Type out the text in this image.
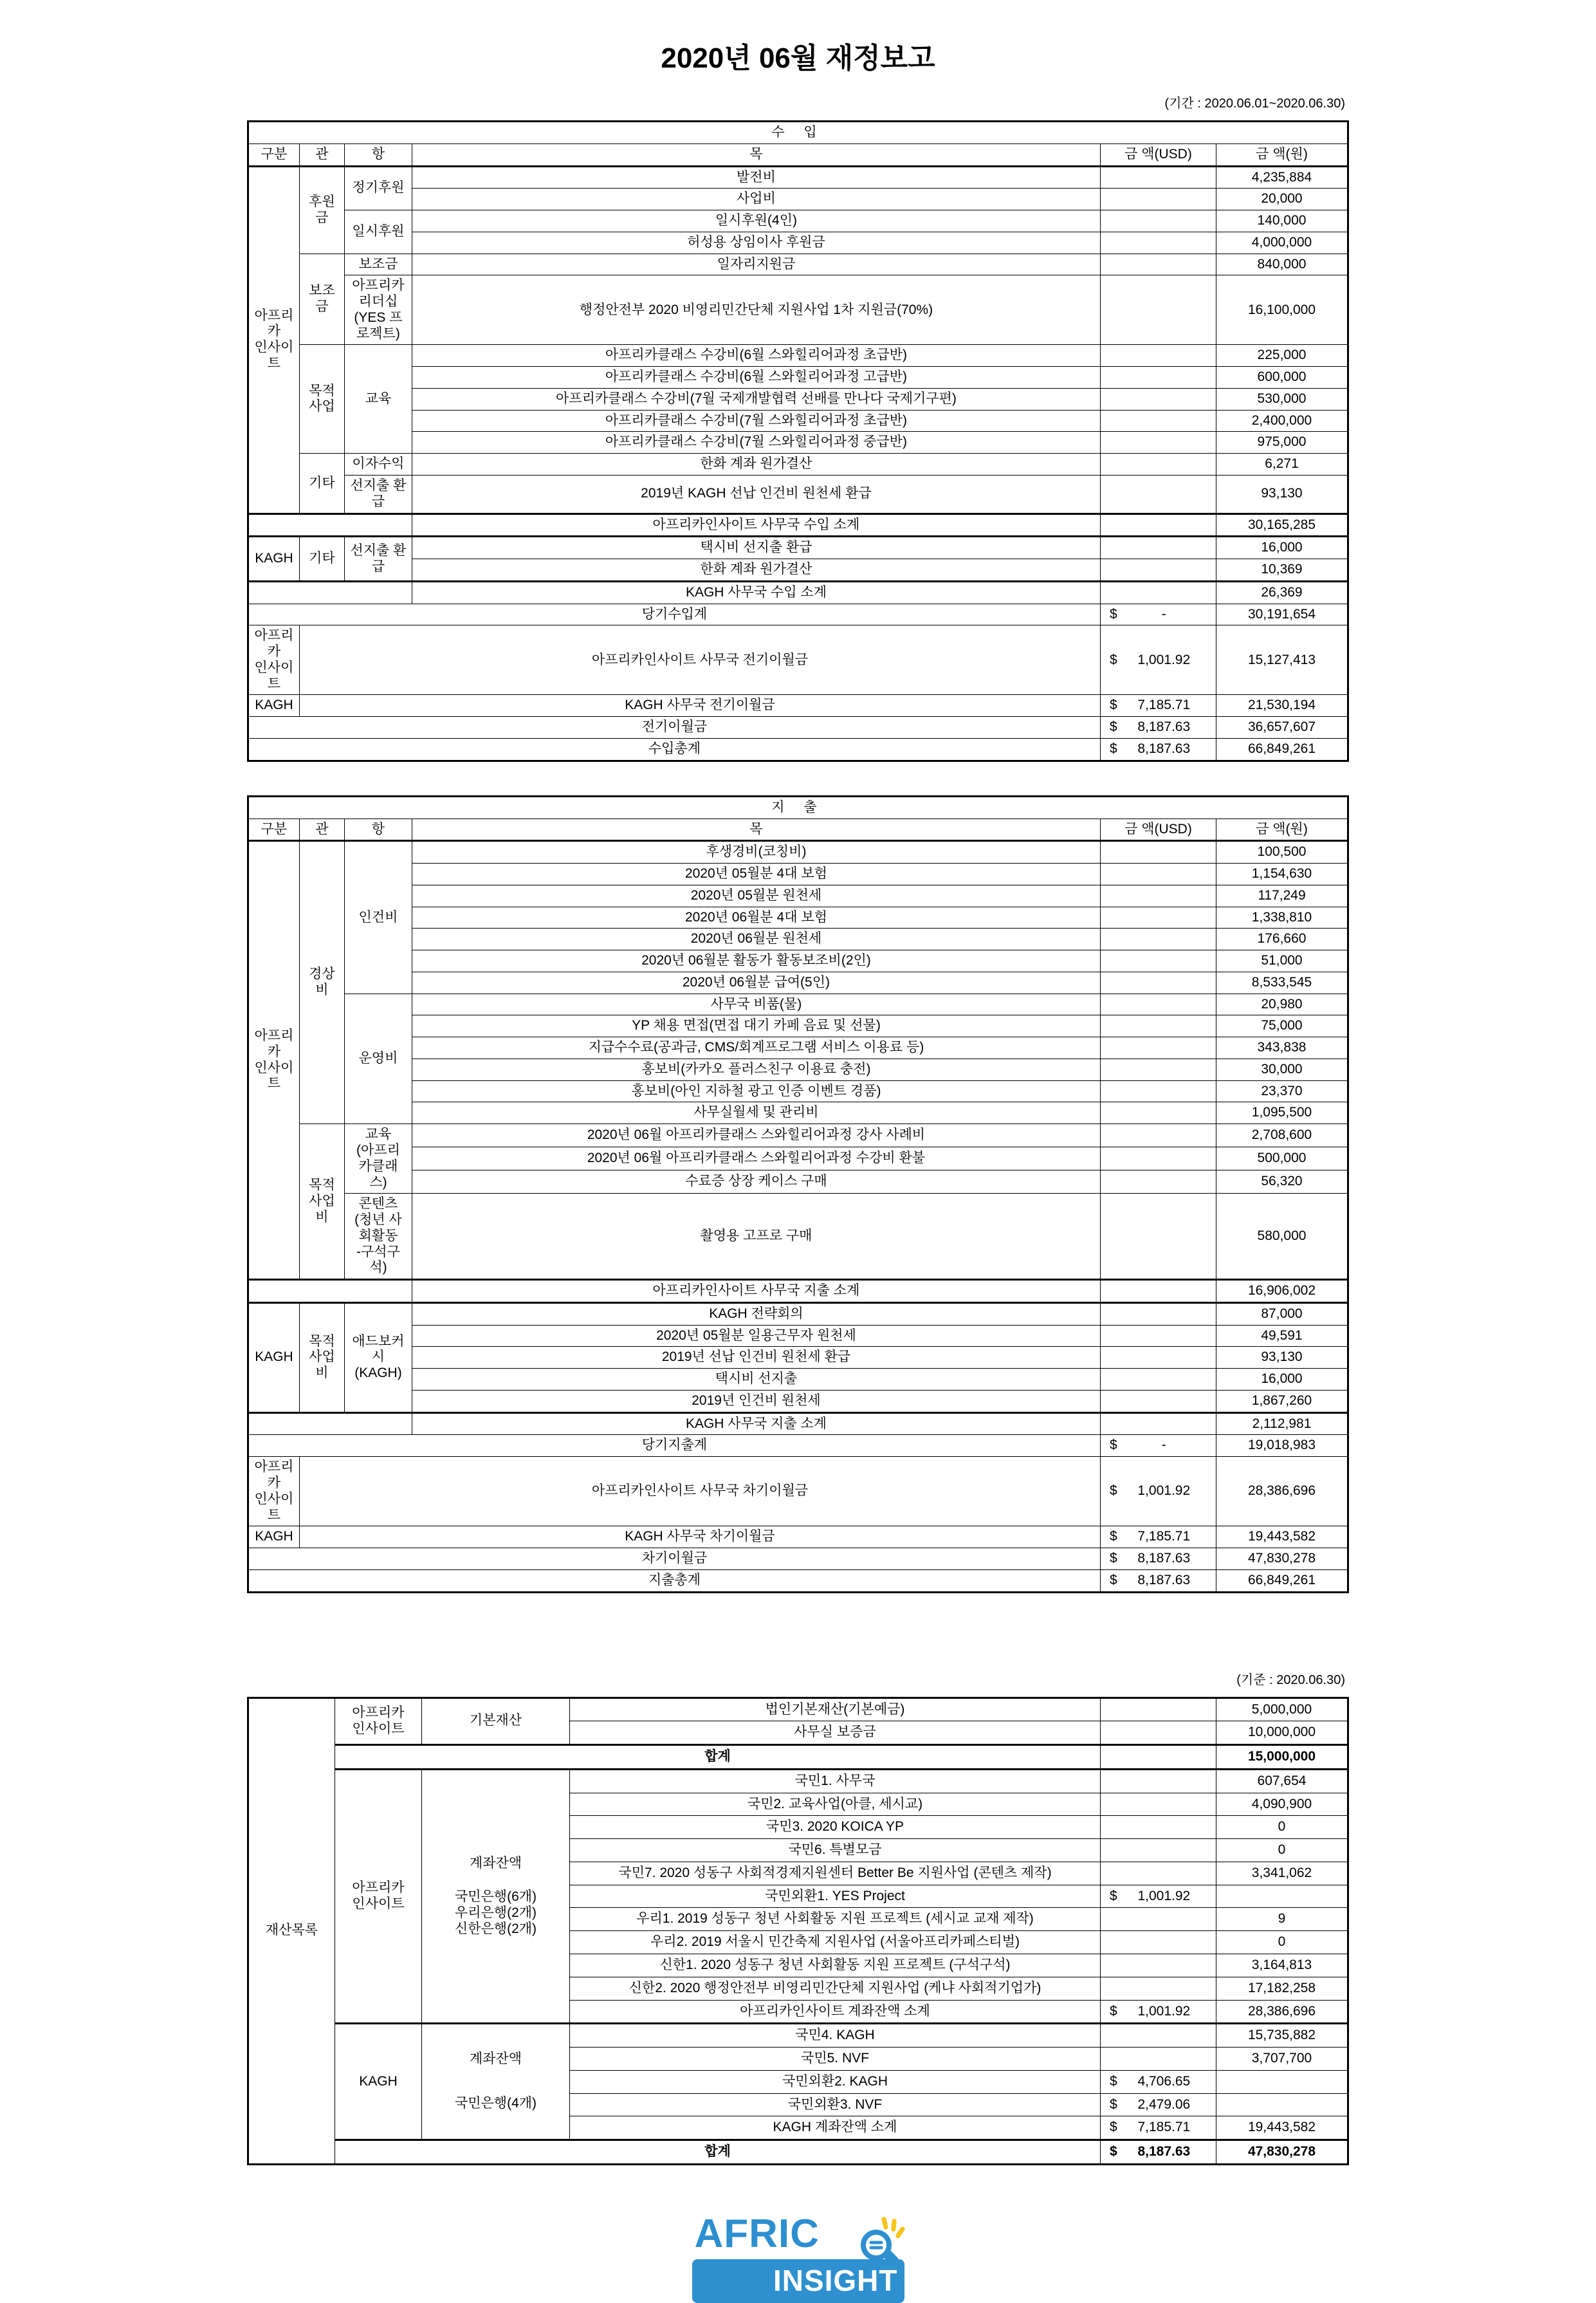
2020년 06월 재정보고
(기간 : 2020.06.01~2020.06.30)
수 입					
구분	관	항	목	금 액(USD)	금 액(원)
아프리카
인사이트	후원금	정기후원	발전비		4,235,884
			사업비		20,000
		일시후원	일시후원(4인)		140,000
			허성용 상임이사 후원금		4,000,000
	보조금	보조금	일자리지원금		840,000
		아프리카 리더십
(YES 프로젝트)	행정안전부 2020 비영리민간단체 지원사업 1차 지원금(70%)		16,100,000
	목적사업	교육	아프리카클래스 수강비(6월 스와힐리어과정 초급반)		225,000
			아프리카클래스 수강비(6월 스와힐리어과정 고급반)		600,000
			아프리카클래스 수강비(7월 국제개발협력 선배를 만나다 국제기구편)		530,000
			아프리카클래스 수강비(7월 스와힐리어과정 초급반)		2,400,000
			아프리카클래스 수강비(7월 스와힐리어과정 중급반)		975,000
	기타	이자수익	한화 계좌 원가결산		6,271
		선지출 환급	2019년 KAGH 선납 인건비 원천세 환급		93,130
			아프리카인사이트 사무국 수입 소계		30,165,285
KAGH	기타	선지출 환급	택시비 선지출 환급		16,000
			한화 계좌 원가결산		10,369
			KAGH 사무국 수입 소계		26,369
당기수입계				$ -	30,191,654
아프리카
인사이트	아프리카인사이트 사무국 전기이월금			$ 1,001.92	15,127,413
KAGH	KAGH 사무국 전기이월금			$ 7,185.71	21,530,194
전기이월금				$ 8,187.63	36,657,607
수입총계				$ 8,187.63	66,849,261
지 출					
구분	관	항	목	금 액(USD)	금 액(원)
아프리카
인사이트	경상비	인건비	후생경비(코칭비)		100,500
			2020년 05월분 4대 보험		1,154,630
			2020년 05월분 원천세		117,249
			2020년 06월분 4대 보험		1,338,810
			2020년 06월분 원천세		176,660
			2020년 06월분 활동가 활동보조비(2인)		51,000
			2020년 06월분 급여(5인)		8,533,545
		운영비	사무국 비품(물)		20,980
			YP 채용 면접(면접 대기 카페 음료 및 선물)		75,000
			지급수수료(공과금, CMS/회계프로그램 서비스 이용료 등)		343,838
			홍보비(카카오 플러스친구 이용료 충전)		30,000
			홍보비(아인 지하철 광고 인증 이벤트 경품)		23,370
			사무실월세 및 관리비		1,095,500
	목적사업비	교육
(아프리카클래스)	2020년 06월 아프리카클래스 스와힐리어과정 강사 사례비		2,708,600
			2020년 06월 아프리카클래스 스와힐리어과정 수강비 환불		500,000
			수료증 상장 케이스 구매		56,320
		콘텐츠
(청년 사회활동
-구석구석)	촬영용 고프로 구매		580,000
			아프리카인사이트 사무국 지출 소계		16,906,002
KAGH	목적사업비	애드보커시
(KAGH)	KAGH 전략회의		87,000
			2020년 05월분 일용근무자 원천세		49,591
			2019년 선납 인건비 원천세 환급		93,130
			택시비 선지출		16,000
			2019년 인건비 원천세		1,867,260
			KAGH 사무국 지출 소계		2,112,981
당기지출계				$ -	19,018,983
아프리카
인사이트	아프리카인사이트 사무국 차기이월금			$ 1,001.92	28,386,696
KAGH	KAGH 사무국 차기이월금			$ 7,185.71	19,443,582
차기이월금				$ 8,187.63	47,830,278
지출총계				$ 8,187.63	66,849,261
(기준 : 2020.06.30)
재산목록	아프리카
인사이트	기본재산	법인기본재산(기본예금)		5,000,000
			사무실 보증금		10,000,000
	합계				15,000,000
	아프리카
인사이트	계좌잔액
국민은행(6개)
우리은행(2개)
신한은행(2개)	국민1. 사무국		607,654
			국민2. 교육사업(아클, 세시교)		4,090,900
			국민3. 2020 KOICA YP		0
			국민6. 특별모금		0
			국민7. 2020 성동구 사회적경제지원센터 Better Be 지원사업 (콘텐츠 제작)		3,341,062
			국민외환1. YES Project	$ 1,001.92	
			우리1. 2019 성동구 청년 사회활동 지원 프로젝트 (세시교 교재 제작)		9
			우리2. 2019 서울시 민간축제 지원사업 (서울아프리카페스티벌)		0
			신한1. 2020 성동구 청년 사회활동 지원 프로젝트 (구석구석)		3,164,813
			신한2. 2020 행정안전부 비영리민간단체 지원사업 (케냐 사회적기업가)		17,182,258
			아프리카인사이트 계좌잔액 소계	$ 1,001.92	28,386,696
	KAGH	계좌잔액
국민은행(4개)	국민4. KAGH		15,735,882
			국민5. NVF		3,707,700
			국민외환2. KAGH	$ 4,706.65	
			국민외환3. NVF	$ 2,479.06	
			KAGH 계좌잔액 소계	$ 7,185.71	19,443,582
	합계			$ 8,187.63	47,830,278
AFRIC
INSIGHT
